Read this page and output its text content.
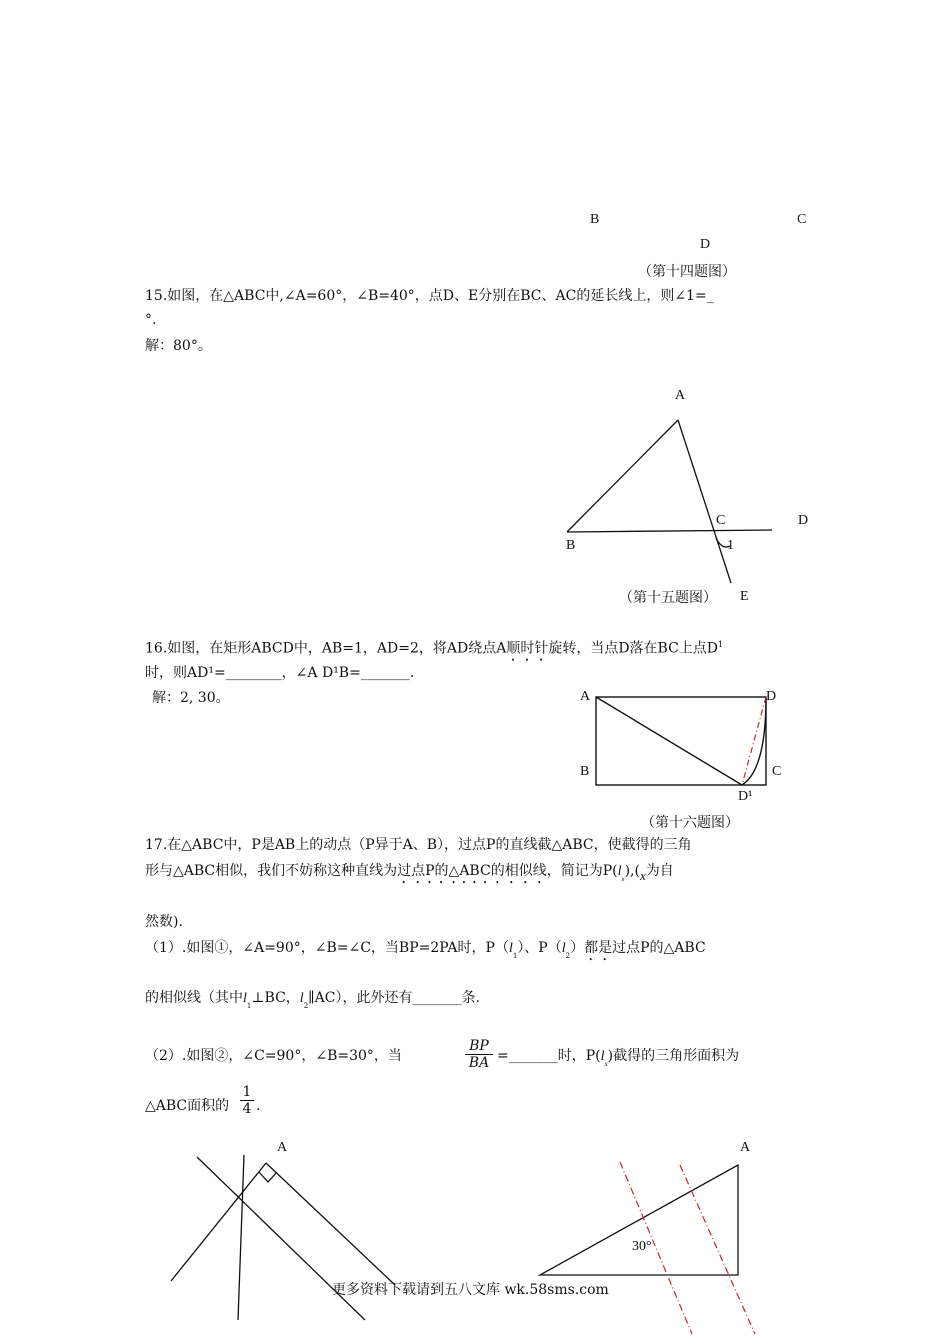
B	C
D
（第十四题图）
15.如图，在△ABC中,∠A=60°，∠B=40°，点D、E分别在BC、AC的延长线上，则∠1=_
°.
解：80°。
A
B
C	D
E
1
（第十五题图）
16.如图，在矩形ABCD中，AB=1，AD=2，将AD绕点A顺时针旋转，当点D落在BC上点$D^1$
时，则AD¹=________，∠A D¹B=_______.
解：2, 30。	A	D
B	C
D¹
（第十六题图）
17.在△ABC中，P是AB上的动点（P异于A、B），过点P的直线截△ABC，使截得的三角
形与△ABC相似，我们不妨称这种直线为过点P的△ABC的相似线，简记为$P(l_x),(x$为自
然数).
（1）.如图①，∠A=90°，∠B=∠C，当BP=2PA时，$P(l_1)$、$P(l_2)$都是过点P的△ABC
的相似线（其中$l_1\perp BC$，$l_2\parallel AC$），此外还有_______条.
（2）.如图②，∠C=90°，∠B=30°，当	$\frac{BP}{BA}$ =_______时，$P(l_x)$截得的三角形面积为
△ABC面积的 $\frac{1}{4}$ .
A	A
30°
更多资料下载请到五八文库 wk.58sms.com
